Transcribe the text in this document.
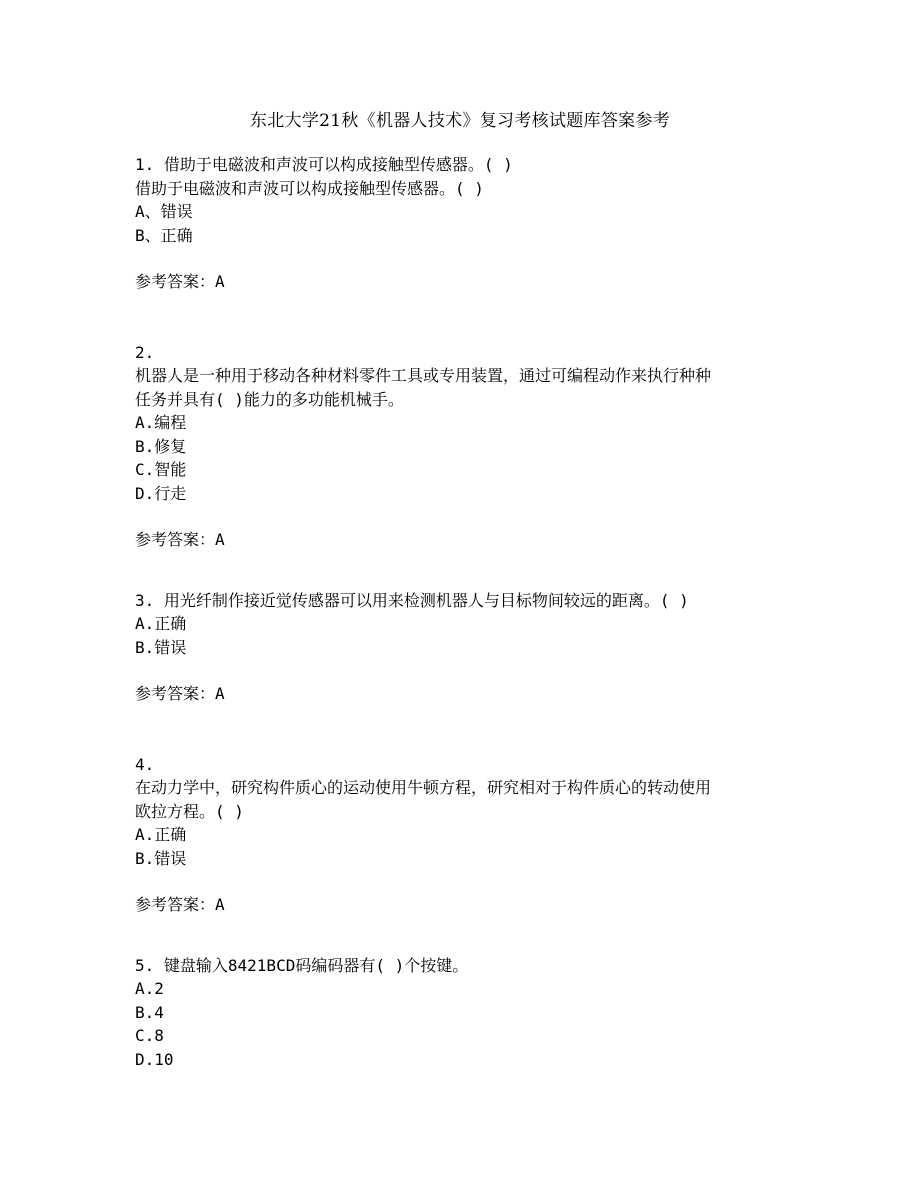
东北大学21秋《机器人技术》复习考核试题库答案参考

1. 借助于电磁波和声波可以构成接触型传感器。( )

借助于电磁波和声波可以构成接触型传感器。( )

A、错误

B、正确

参考答案：A

2.

机器人是一种用于移动各种材料零件工具或专用装置，通过可编程动作来执行种种

任务并具有( )能力的多功能机械手。

A.编程

B.修复

C.智能

D.行走

参考答案：A

3. 用光纤制作接近觉传感器可以用来检测机器人与目标物间较远的距离。( )

A.正确

B.错误

参考答案：A

4.

在动力学中，研究构件质心的运动使用牛顿方程，研究相对于构件质心的转动使用

欧拉方程。( )

A.正确

B.错误

参考答案：A

5. 键盘输入8421BCD码编码器有( )个按键。

A.2

B.4

C.8

D.10
